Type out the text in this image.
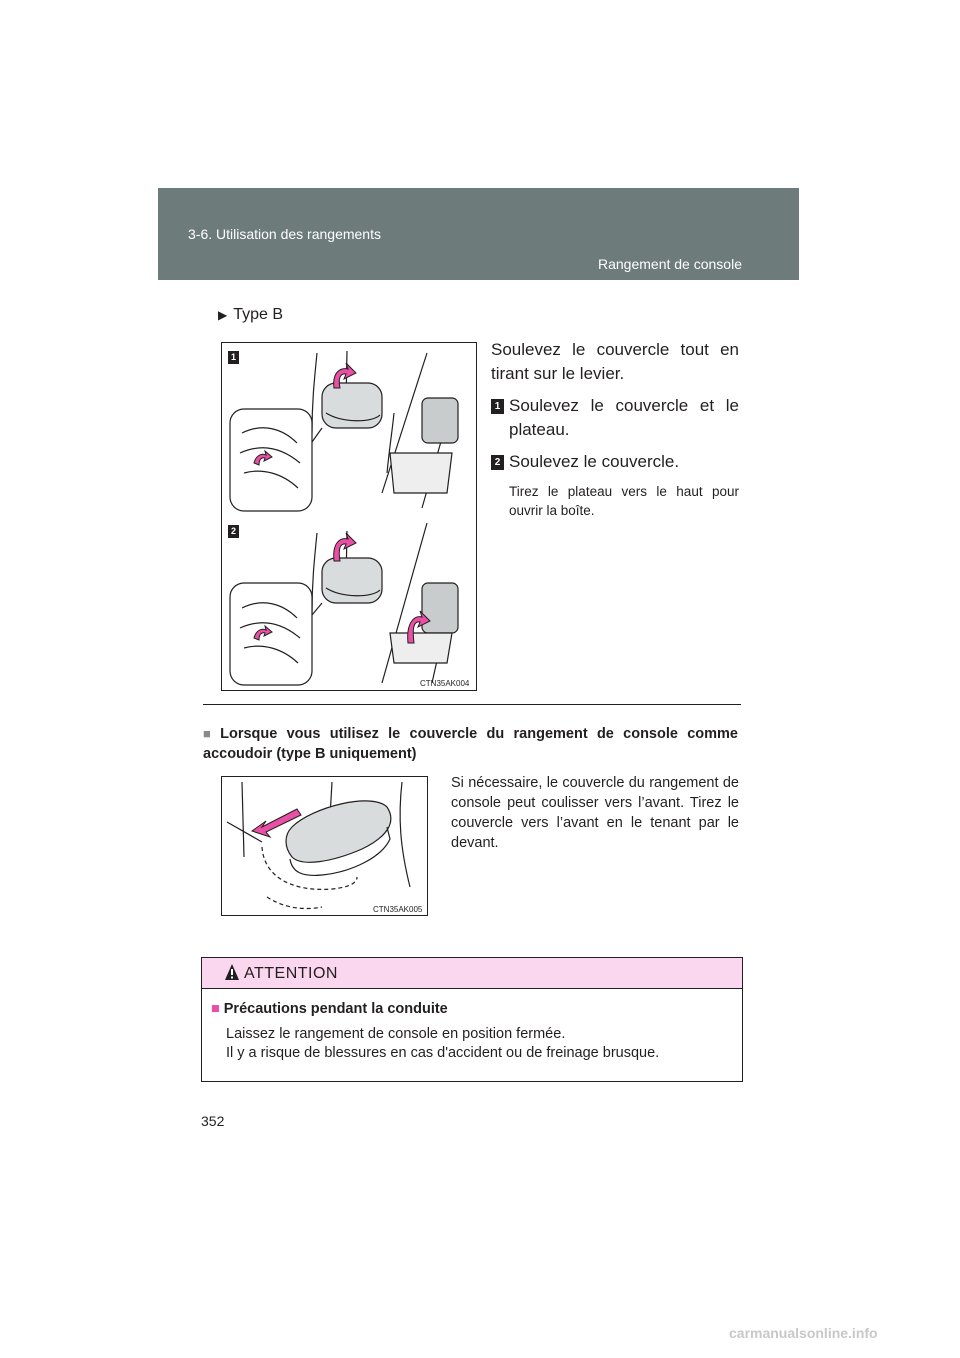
3-6. Utilisation des rangements
Rangement de console
▶ Type B
1
2
CTN35AK004

Soulevez le couvercle tout en tirant sur le levier.

1 Soulevez le couvercle et le plateau.
2 Soulevez le couvercle.
Tirez le plateau vers le haut pour ouvrir la boîte.
■ Lorsque vous utilisez le couvercle du rangement de console comme accoudoir (type B uniquement)
CTN35AK005
Si nécessaire, le couvercle du rangement de console peut coulisser vers l’avant. Tirez le couvercle vers l’avant en le tenant par le devant.
ATTENTION
■ Précautions pendant la conduite
Laissez le rangement de console en position fermée.
Il y a risque de blessures en cas d'accident ou de freinage brusque.
352
carmanualsonline.info
